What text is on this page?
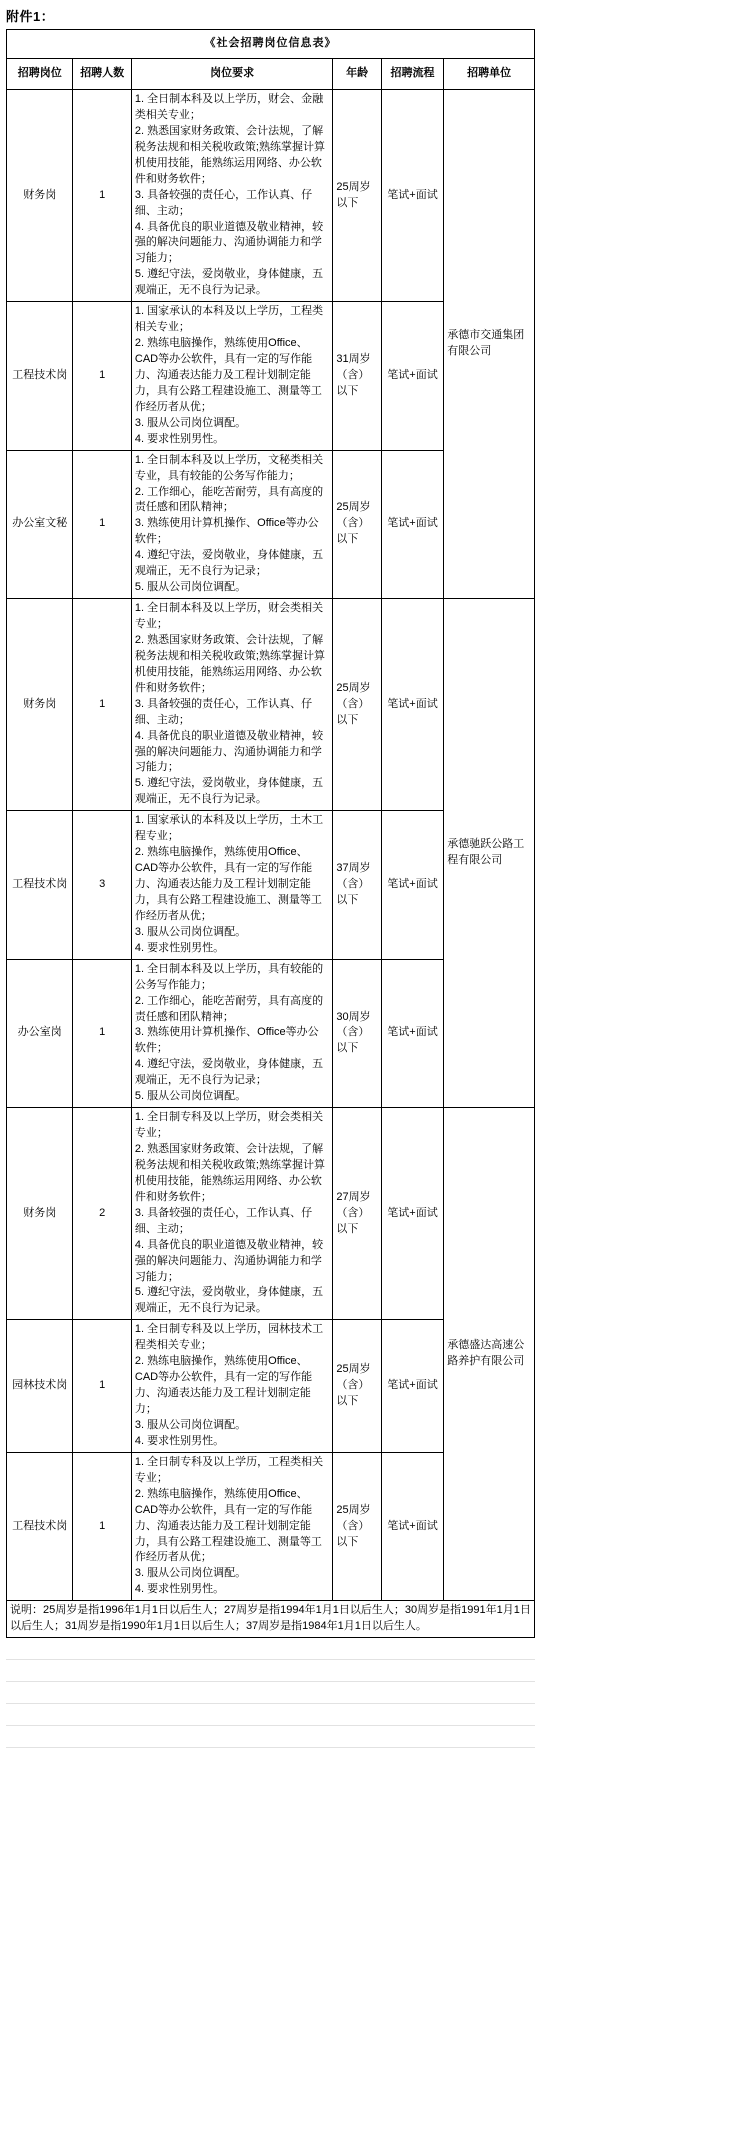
附件1：
《社会招聘岗位信息表》					
招聘岗位	招聘人数	岗位要求	年龄	招聘流程	招聘单位
财务岗	1	1. 全日制本科及以上学历，财会、金融类相关专业；
2. 熟悉国家财务政策、会计法规，了解税务法规和相关税收政策;熟练掌握计算机使用技能，能熟练运用网络、办公软件和财务软件；
3. 具备较强的责任心，工作认真、仔细、主动；
4. 具备优良的职业道德及敬业精神，较强的解决问题能力、沟通协调能力和学习能力；
5. 遵纪守法，爱岗敬业，身体健康，五观端正，无不良行为记录。	25周岁以下	笔试+面试	承德市交通集团有限公司
工程技术岗	1	1. 国家承认的本科及以上学历，工程类相关专业；
2. 熟练电脑操作，熟练使用Office、CAD等办公软件，具有一定的写作能力、沟通表达能力及工程计划制定能力，具有公路工程建设施工、测量等工作经历者从优；
3. 服从公司岗位调配。
4. 要求性别男性。	31周岁（含）以下	笔试+面试	
办公室文秘	1	1. 全日制本科及以上学历，文秘类相关专业，具有较能的公务写作能力；
2. 工作细心，能吃苦耐劳，具有高度的责任感和团队精神；
3. 熟练使用计算机操作、Office等办公软件；
4. 遵纪守法，爱岗敬业，身体健康，五观端正，无不良行为记录；
5. 服从公司岗位调配。	25周岁（含）以下	笔试+面试	
财务岗	1	1. 全日制本科及以上学历，财会类相关专业；
2. 熟悉国家财务政策、会计法规，了解税务法规和相关税收政策;熟练掌握计算机使用技能，能熟练运用网络、办公软件和财务软件；
3. 具备较强的责任心，工作认真、仔细、主动；
4. 具备优良的职业道德及敬业精神，较强的解决问题能力、沟通协调能力和学习能力；
5. 遵纪守法，爱岗敬业，身体健康，五观端正，无不良行为记录。	25周岁（含）以下	笔试+面试	承德驰跃公路工程有限公司
工程技术岗	3	1. 国家承认的本科及以上学历，土木工程专业；
2. 熟练电脑操作，熟练使用Office、CAD等办公软件，具有一定的写作能力、沟通表达能力及工程计划制定能力，具有公路工程建设施工、测量等工作经历者从优；
3. 服从公司岗位调配。
4. 要求性别男性。	37周岁（含）以下	笔试+面试	
办公室岗	1	1. 全日制本科及以上学历，具有较能的公务写作能力；
2. 工作细心，能吃苦耐劳，具有高度的责任感和团队精神；
3. 熟练使用计算机操作、Office等办公软件；
4. 遵纪守法，爱岗敬业，身体健康，五观端正，无不良行为记录；
5. 服从公司岗位调配。	30周岁（含）以下	笔试+面试	
财务岗	2	1. 全日制专科及以上学历，财会类相关专业；
2. 熟悉国家财务政策、会计法规，了解税务法规和相关税收政策;熟练掌握计算机使用技能，能熟练运用网络、办公软件和财务软件；
3. 具备较强的责任心，工作认真、仔细、主动；
4. 具备优良的职业道德及敬业精神，较强的解决问题能力、沟通协调能力和学习能力；
5. 遵纪守法，爱岗敬业，身体健康，五观端正，无不良行为记录。	27周岁（含）以下	笔试+面试	承德盛达高速公路养护有限公司
园林技术岗	1	1. 全日制专科及以上学历，园林技术工程类相关专业；
2. 熟练电脑操作，熟练使用Office、CAD等办公软件，具有一定的写作能力、沟通表达能力及工程计划制定能力；
3. 服从公司岗位调配。
4. 要求性别男性。	25周岁（含）以下	笔试+面试	
工程技术岗	1	1. 全日制专科及以上学历，工程类相关专业；
2. 熟练电脑操作，熟练使用Office、CAD等办公软件，具有一定的写作能力、沟通表达能力及工程计划制定能力，具有公路工程建设施工、测量等工作经历者从优；
3. 服从公司岗位调配。
4. 要求性别男性。	25周岁（含）以下	笔试+面试	
说明：25周岁是指1996年1月1日以后生人；27周岁是指1994年1月1日以后生人；30周岁是指1991年1月1日以后生人；31周岁是指1990年1月1日以后生人；37周岁是指1984年1月1日以后生人。					
